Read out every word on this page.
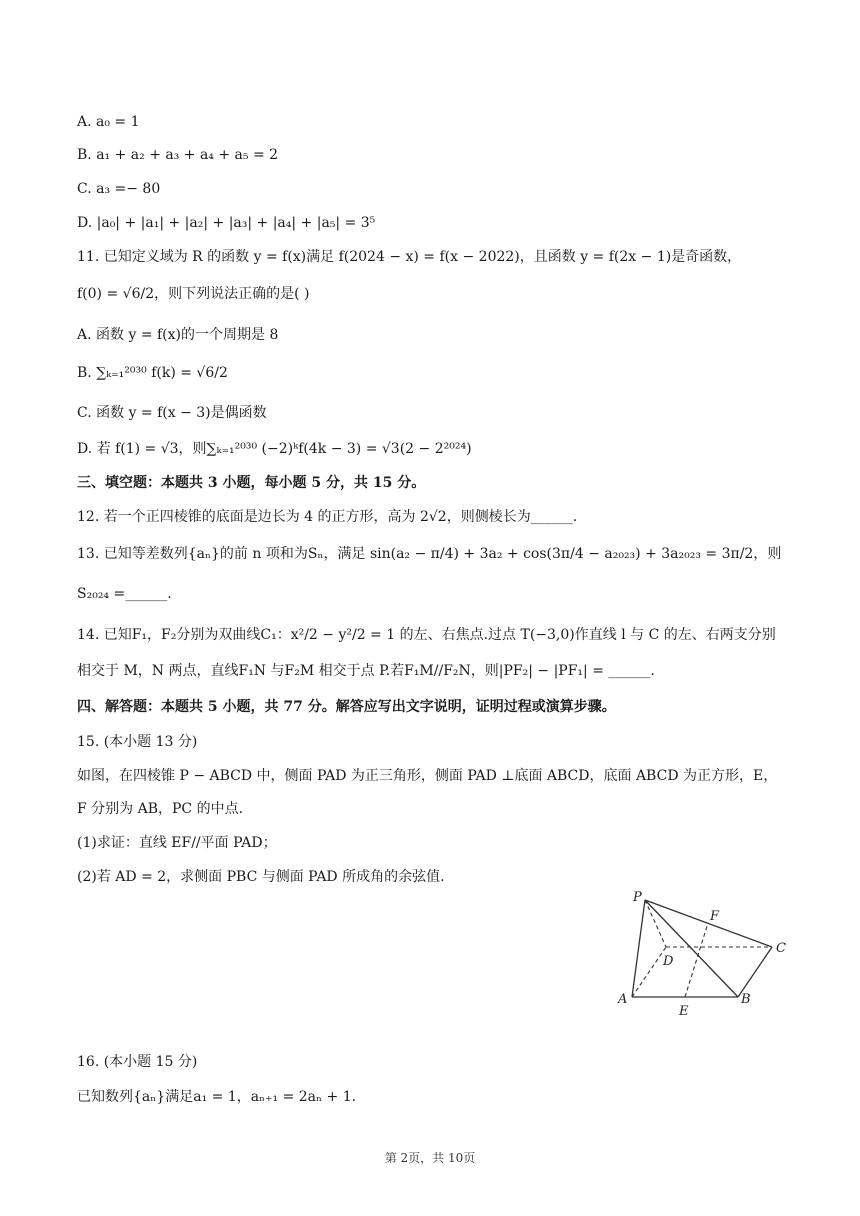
A. a₀ = 1
B. a₁ + a₂ + a₃ + a₄ + a₅ = 2
C. a₃ =− 80
D. |a₀| + |a₁| + |a₂| + |a₃| + |a₄| + |a₅| = 3⁵
11. 已知定义域为 R 的函数 y = f(x)满足 f(2024 − x) = f(x − 2022)，且函数 y = f(2x − 1)是奇函数，
f(0) = √6/2，则下列说法正确的是( )
A. 函数 y = f(x)的一个周期是 8
B. ∑ₖ₌₁²⁰³⁰ f(k) = √6/2
C. 函数 y = f(x − 3)是偶函数
D. 若 f(1) = √3，则∑ₖ₌₁²⁰³⁰ (−2)ᵏf(4k − 3) = √3(2 − 2²⁰²⁴)
三、填空题：本题共 3 小题，每小题 5 分，共 15 分。
12. 若一个正四棱锥的底面是边长为 4 的正方形，高为 2√2，则侧棱长为______.
13. 已知等差数列{aₙ}的前 n 项和为Sₙ，满足 sin(a₂ − π/4) + 3a₂ + cos(3π/4 − a₂₀₂₃) + 3a₂₀₂₃ = 3π/2，则
S₂₀₂₄ =______.
14. 已知F₁，F₂分别为双曲线C₁：x²/2 − y²/2 = 1 的左、右焦点.过点 T(−3,0)作直线 l 与 C 的左、右两支分别
相交于 M，N 两点，直线F₁N 与F₂M 相交于点 P.若F₁M//F₂N，则|PF₂| − |PF₁| = ______.
四、解答题：本题共 5 小题，共 77 分。解答应写出文字说明，证明过程或演算步骤。
15. (本小题 13 分)
如图，在四棱锥 P − ABCD 中，侧面 PAD 为正三角形，侧面 PAD ⊥底面 ABCD，底面 ABCD 为正方形，E，
F 分别为 AB，PC 的中点.
(1)求证：直线 EF//平面 PAD；
(2)若 AD = 2，求侧面 PBC 与侧面 PAD 所成角的余弦值.
16. (本小题 15 分)
已知数列{aₙ}满足a₁ = 1，aₙ₊₁ = 2aₙ + 1.
P
F
C
D
A
E
B
第 2页，共 10页
